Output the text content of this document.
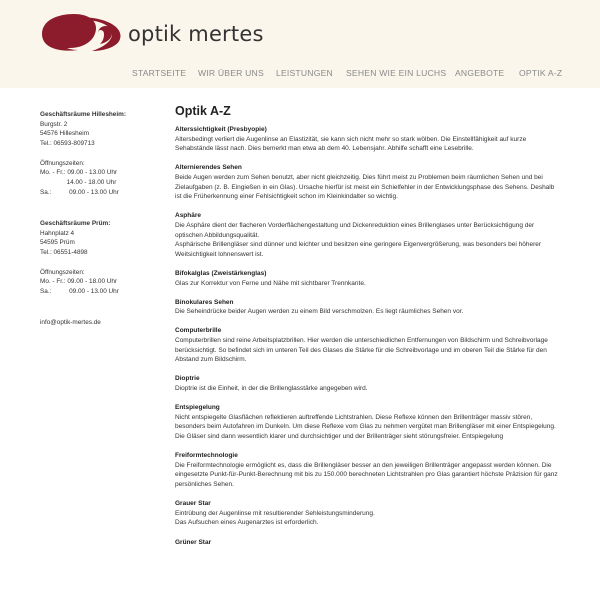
optik mertes
STARTSEITE WIR ÜBER UNS LEISTUNGEN SEHEN WIE EIN LUCHS ANGEBOTE OPTIK A-Z

Geschäftsräume Hillesheim:

Burgstr. 2

54576 Hillesheim

Tel.: 06593-809713

Öffnungszeiten:

Mo. - Fr.: 09.00 - 13.00 Uhr

14.00 - 18.00 Uhr

Sa.:          09.00 - 13.00 Uhr

Geschäftsräume Prüm:

Hahnplatz 4

54595 Prüm

Tel.: 06551-4898

Öffnungszeiten:

Mo. - Fr.: 09.00 - 18.00 Uhr

Sa.:          09.00 - 13.00 Uhr

info@optik-mertes.de

Optik A-Z
Alterssichtigkeit (Presbyopie)
Altersbedingt verliert die Augenlinse an Elastizität, sie kann sich nicht mehr so stark wölben. Die Einstellfähigkeit auf kurze Sehabstände lässt nach. Dies bemerkt man etwa ab dem 40. Lebensjahr. Abhilfe schafft eine Lesebrille.
Alternierendes Sehen
Beide Augen werden zum Sehen benutzt, aber nicht gleichzeitig. Dies führt meist zu Problemen beim räumlichen Sehen und bei Zielaufgaben (z. B. Eingießen in ein Glas). Ursache hierfür ist meist ein Schielfehler in der Entwicklungsphase des Sehens. Deshalb ist die Früherkennung einer Fehlsichtigkeit schon im Kleinkindalter so wichtig.
Asphäre
Die Asphäre dient der flacheren Vorderflächengestaltung und Dickenreduktion eines Brillenglases unter Berücksichtigung der optischen Abbildungsqualität.
Asphärische Brillengläser sind dünner und leichter und besitzen eine geringere Eigenvergrößerung, was besonders bei höherer Weitsichtigkeit lohnenswert ist.
Bifokalglas (Zweistärkenglas)
Glas zur Korrektur von Ferne und Nähe mit sichtbarer Trennkante.
Binokulares Sehen
Die Seheindrücke beider Augen werden zu einem Bild verschmolzen. Es liegt räumliches Sehen vor.
Computerbrille
Computerbrillen sind reine Arbeitsplatzbrillen. Hier werden die unterschiedlichen Entfernungen von Bildschirm und Schreibvorlage berücksichtigt. So befindet sich im unteren Teil des Glases die Stärke für die Schreibvorlage und im oberen Teil die Stärke für den Abstand zum Bildschirm.
Dioptrie
Dioptrie ist die Einheit, in der die Brillenglasstärke angegeben wird.
Entspiegelung
Nicht entspiegelte Glasflächen reflektieren auftreffende Lichtstrahlen. Diese Reflexe können den Brillenträger massiv stören, besonders beim Autofahren im Dunkeln. Um diese Reflexe vom Glas zu nehmen vergütet man Brillengläser mit einer Entspiegelung. Die Gläser sind dann wesentlich klarer und durchsichtiger und der Brillenträger sieht störungsfreier. Entspiegelung
Freiformtechnologie
Die Freiformtechnologie ermöglicht es, dass die Brillengläser besser an den jeweiligen Brillenträger angepasst werden können. Die eingesetzte Punkt-für-Punkt-Berechnung mit bis zu 150.000 berechneten Lichtstrahlen pro Glas garantiert höchste Präzision für ganz persönliches Sehen.
Grauer Star
Eintrübung der Augenlinse mit resultierender Sehleistungsminderung.
Das Aufsuchen eines Augenarztes ist erforderlich.
Grüner Star
